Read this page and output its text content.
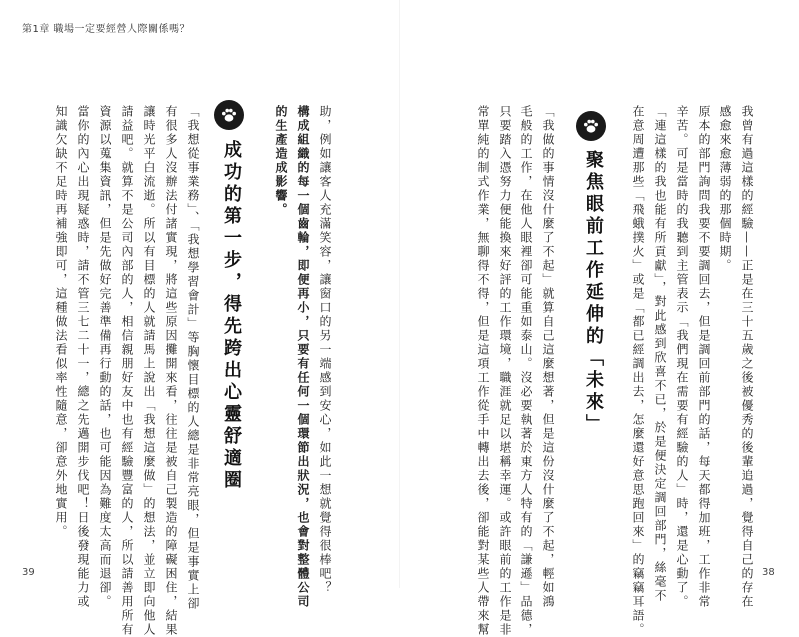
第1章 職場一定要經營人際關係嗎？
39	38
聚焦眼前工作延伸的「未來」
成功的第一步，得先跨出心靈舒適圈	我曾有過這樣的經驗——正是在三十五歲之後被優秀的後輩追過，覺得自己的存在
感愈來愈薄弱的那個時期。
原本的部門詢問我要不要調回去，但是調回前部門的話，每天都得加班，工作非常
辛苦。可是當時的我聽到主管表示「我們現在需要有經驗的人」時，還是心動了。
「連這樣的我也能有所貢獻」，對此感到欣喜不已，於是便決定調回部門，絲毫不
在意周遭那些「飛蛾撲火」或是「都已經調出去，怎麼還好意思跑回來」的竊竊耳語。
「我做的事情沒什麼了不起」就算自己這麼想著，但是這份沒什麼了不起，輕如鴻
毛般的工作，在他人眼裡卻可能重如泰山。沒必要執著於東方人特有的「謙遜」品德，
只要踏入憑努力便能換來好評的工作環境，職涯就足以堪稱幸運。或許眼前的工作是非
常單純的制式作業，無聊得不得，但是這項工作從手中轉出去後，卻能對某些人帶來幫
助，例如讓客人充滿笑容，讓窗口的另一端感到安心，如此一想就覺得很棒吧？
構成組織的每一個齒輪，即便再小，只要有任何一個環節出狀況，也會對整體公司
的生產造成影響。
「我想從事業務」、「我想學習會計」等胸懷目標的人總是非常亮眼，但是事實上卻
有很多人沒辦法付諸實現，將這些原因攤開來看，往往是被自己製造的障礙困住，結果
讓時光平白流逝。所以有目標的人就請馬上說出「我想這麼做」的想法，並立即向他人
請益吧。就算不是公司內部的人，相信親朋好友中也有經驗豐富的人，所以請善用所有
資源以蒐集資訊，但是先做好完善準備再行動的話，也可能因為難度太高而退卻。
當你的內心出現疑惑時，請不管三七二十一，總之先邁開步伐吧！日後發現能力或
知識欠缺不足時再補強即可，這種做法看似率性隨意，卻意外地實用。
